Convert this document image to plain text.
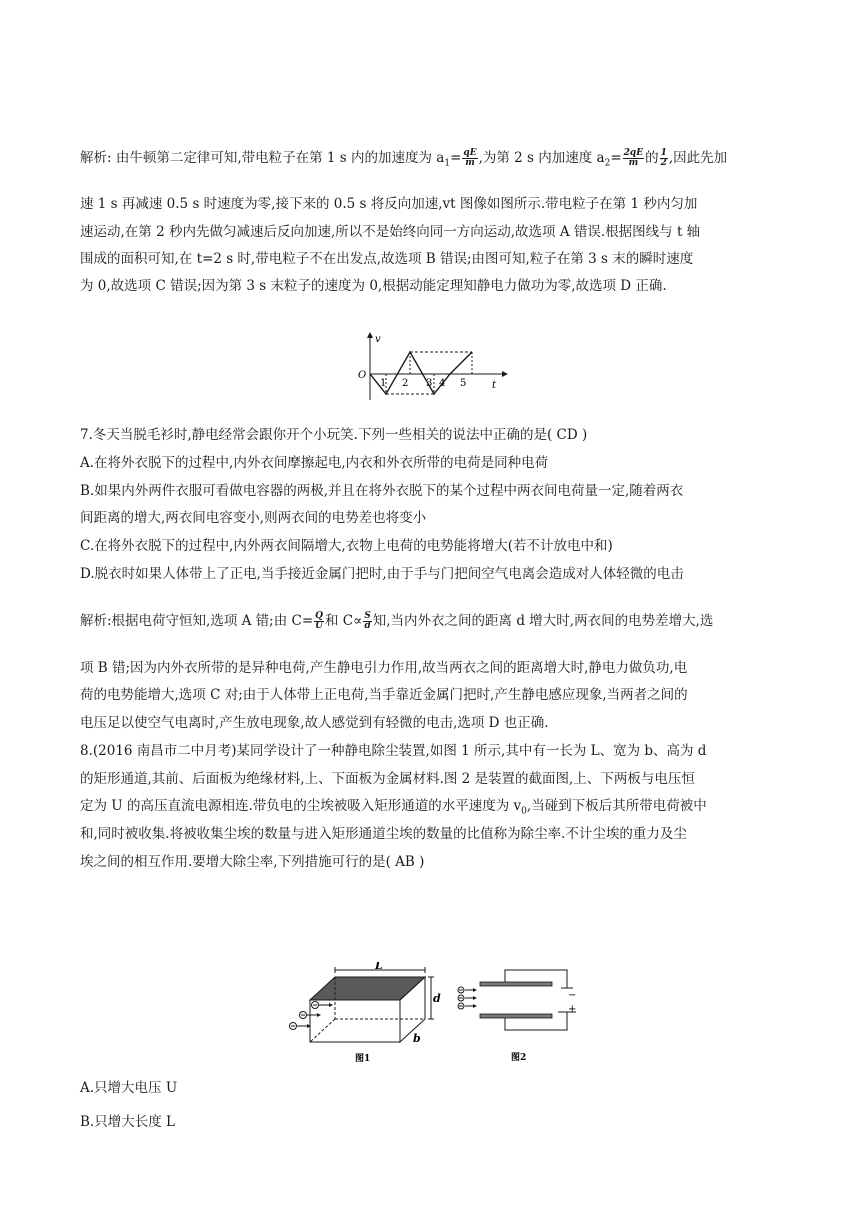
解析: 由牛顿第二定律可知,带电粒子在第 1 s 内的加速度为 $a_1= \frac{qE}{m}$ ,为第 2 s 内加速度 $a_2= \frac{2qE}{m}$ 的 $\frac{1}{2}$ ,因此先加
速 1 s 再减速 0.5 s 时速度为零,接下来的 0.5 s 将反向加速,vt 图像如图所示.带电粒子在第 1 秒内匀加
速运动,在第 2 秒内先做匀减速后反向加速,所以不是始终向同一方向运动,故选项 A 错误.根据图线与 t 轴
围成的面积可知,在 t=2 s 时,带电粒子不在出发点,故选项 B 错误;由图可知,粒子在第 3 s 末的瞬时速度
为 0,故选项 C 错误;因为第 3 s 末粒子的速度为 0,根据动能定理知静电力做功为零,故选项 D 正确.
v
t
O
1 2 3 4 5
7.冬天当脱毛衫时,静电经常会跟你开个小玩笑.下列一些相关的说法中正确的是( CD )
A.在将外衣脱下的过程中,内外衣间摩擦起电,内衣和外衣所带的电荷是同种电荷
B.如果内外两件衣服可看做电容器的两极,并且在将外衣脱下的某个过程中两衣间电荷量一定,随着两衣
间距离的增大,两衣间电容变小,则两衣间的电势差也将变小
C.在将外衣脱下的过程中,内外两衣间隔增大,衣物上电荷的电势能将增大(若不计放电中和)
D.脱衣时如果人体带上了正电,当手接近金属门把时,由于手与门把间空气电离会造成对人体轻微的电击
解析:根据电荷守恒知,选项 A 错;由 $C= \frac{Q}{U}$ 和 $C\propto \frac{S}{d}$ 知,当内外衣之间的距离 d 增大时,两衣间的电势差增大,选
项 B 错;因为内外衣所带的是异种电荷,产生静电引力作用,故当两衣之间的距离增大时,静电力做负功,电
荷的电势能增大,选项 C 对;由于人体带上正电荷,当手靠近金属门把时,产生静电感应现象,当两者之间的
电压足以使空气电离时,产生放电现象,故人感觉到有轻微的电击,选项 D 也正确.
8.(2016 南昌市二中月考)某同学设计了一种静电除尘装置,如图 1 所示,其中有一长为 L、宽为 b、高为 d
的矩形通道,其前、后面板为绝缘材料,上、下面板为金属材料.图 2 是装置的截面图,上、下两板与电压恒
定为 U 的高压直流电源相连.带负电的尘埃被吸入矩形通道的水平速度为 $v_0$,当碰到下板后其所带电荷被中
和,同时被收集.将被收集尘埃的数量与进入矩形通道尘埃的数量的比值称为除尘率.不计尘埃的重力及尘
埃之间的相互作用.要增大除尘率,下列措施可行的是( AB )
L
d
b
图1
−
+
图2
A.只增大电压 U
B.只增大长度 L
